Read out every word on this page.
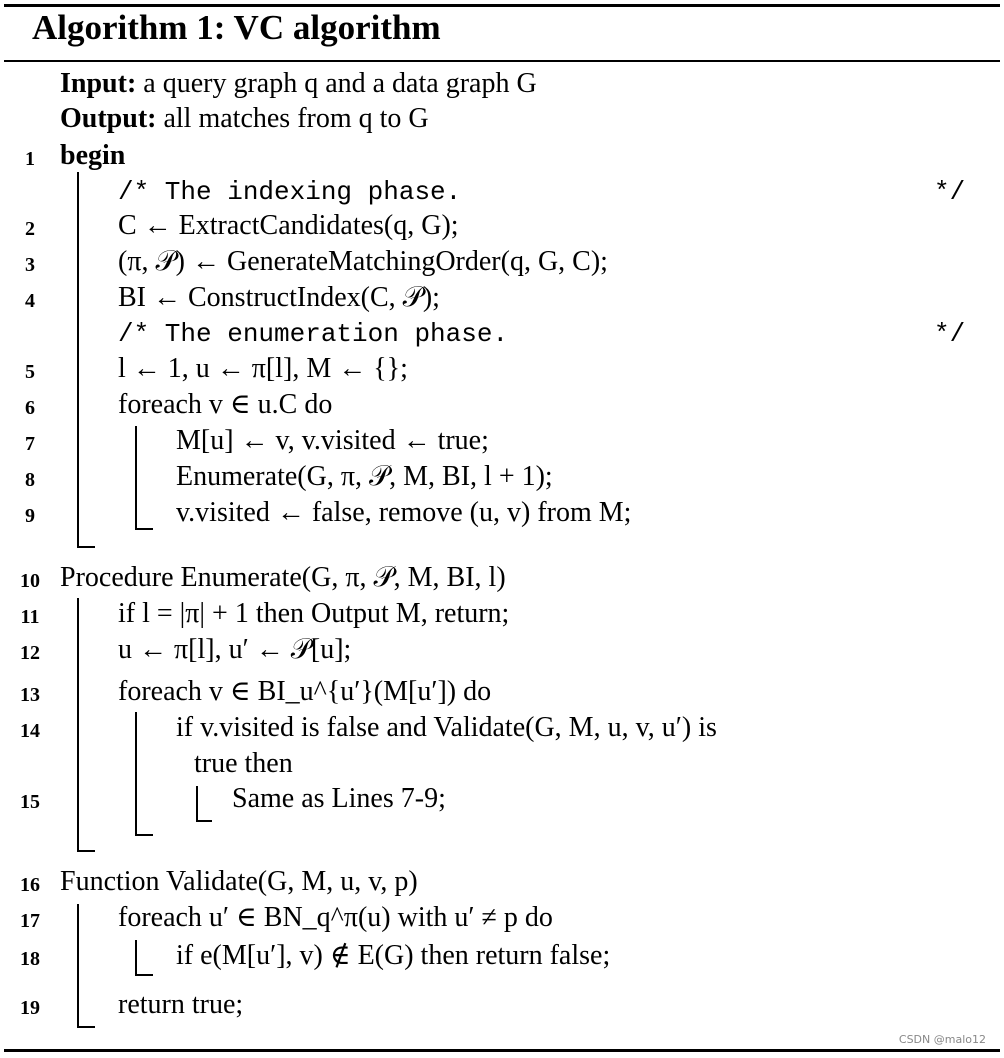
Algorithm 1: VC algorithm
Input: a query graph q and a data graph G
Output: all matches from q to G
1
2
3
4
5
6
7
8
9
10
11
12
13
14
15
16
17
18
19
begin
/* The indexing phase.	*/
C ← ExtractCandidates(q, G);
(π, 𝒫) ← GenerateMatchingOrder(q, G, C);
BI ← ConstructIndex(C, 𝒫);
/* The enumeration phase.	*/
l ← 1, u ← π[l], M ← {};
foreach v ∈ u.C do
M[u] ← v, v.visited ← true;
Enumerate(G, π, 𝒫, M, BI, l + 1);
v.visited ← false, remove (u, v) from M;
Procedure Enumerate(G, π, 𝒫, M, BI, l)
if l = |π| + 1 then Output M, return;
u ← π[l], u′ ← 𝒫[u];
foreach v ∈ BI_u^{u′}(M[u′]) do
if v.visited is false and Validate(G, M, u, v, u′) is
true then
Same as Lines 7-9;
Function Validate(G, M, u, v, p)
foreach u′ ∈ BN_q^π(u) with u′ ≠ p do
if e(M[u′], v) ∉ E(G) then return false;
return true;
CSDN @malo12
